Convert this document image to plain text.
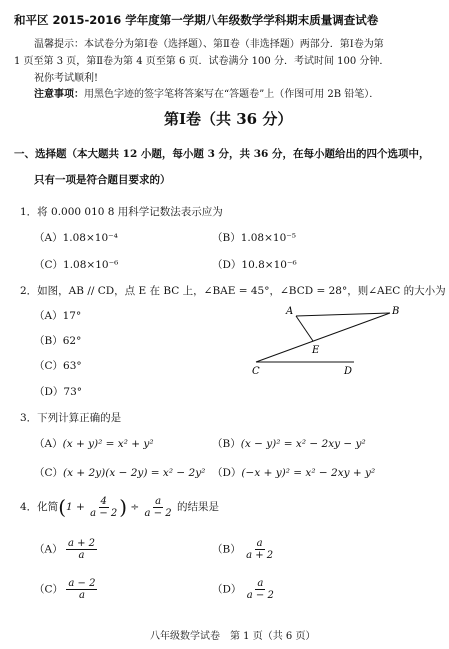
和平区 2015-2016 学年度第一学期八年级数学学科期末质量调查试卷
温馨提示：本试卷分为第Ⅰ卷（选择题）、第Ⅱ卷（非选择题）两部分．第Ⅰ卷为第
1 页至第 3 页，第Ⅱ卷为第 4 页至第 6 页．试卷满分 100 分．考试时间 100 分钟．
祝你考试顺利!
注意事项：用黑色字迹的签字笔将答案写在“答题卷”上（作图可用 2B 铅笔）．
第Ⅰ卷（共 36 分）
一、选择题（本大题共 12 小题，每小题 3 分，共 36 分，在每小题给出的四个选项中，
只有一项是符合题目要求的）
1．将 0.000 010 8 用科学记数法表示应为
（A）1.08×10⁻⁴	（B）1.08×10⁻⁵
（C）1.08×10⁻⁶	（D）10.8×10⁻⁶
2．如图，AB // CD，点 E 在 BC 上，∠BAE = 45°，∠BCD = 28°，则∠AEC 的大小为
（A）17°
（B）62°
（C）63°
（D）73°
A	B
E
C	D
3．下列计算正确的是
（A）(x + y)² = x² + y²	（B）(x − y)² = x² − 2xy − y²
（C）(x + 2y)(x − 2y) = x² − 2y² （D）(−x + y)² = x² − 2xy + y²
4．化简($1 + \frac{4}{a - 2}$ ) ÷ $\frac{a}{a - 2}$ 的结果是
$(A) \frac{a + 2}{a}$	$(B) \frac{a}{a + 2}$
$(C) \frac{a - 2}{a}$	$(D) \frac{a}{a - 2}$
八年级数学试卷　第 1 页（共 6 页）
